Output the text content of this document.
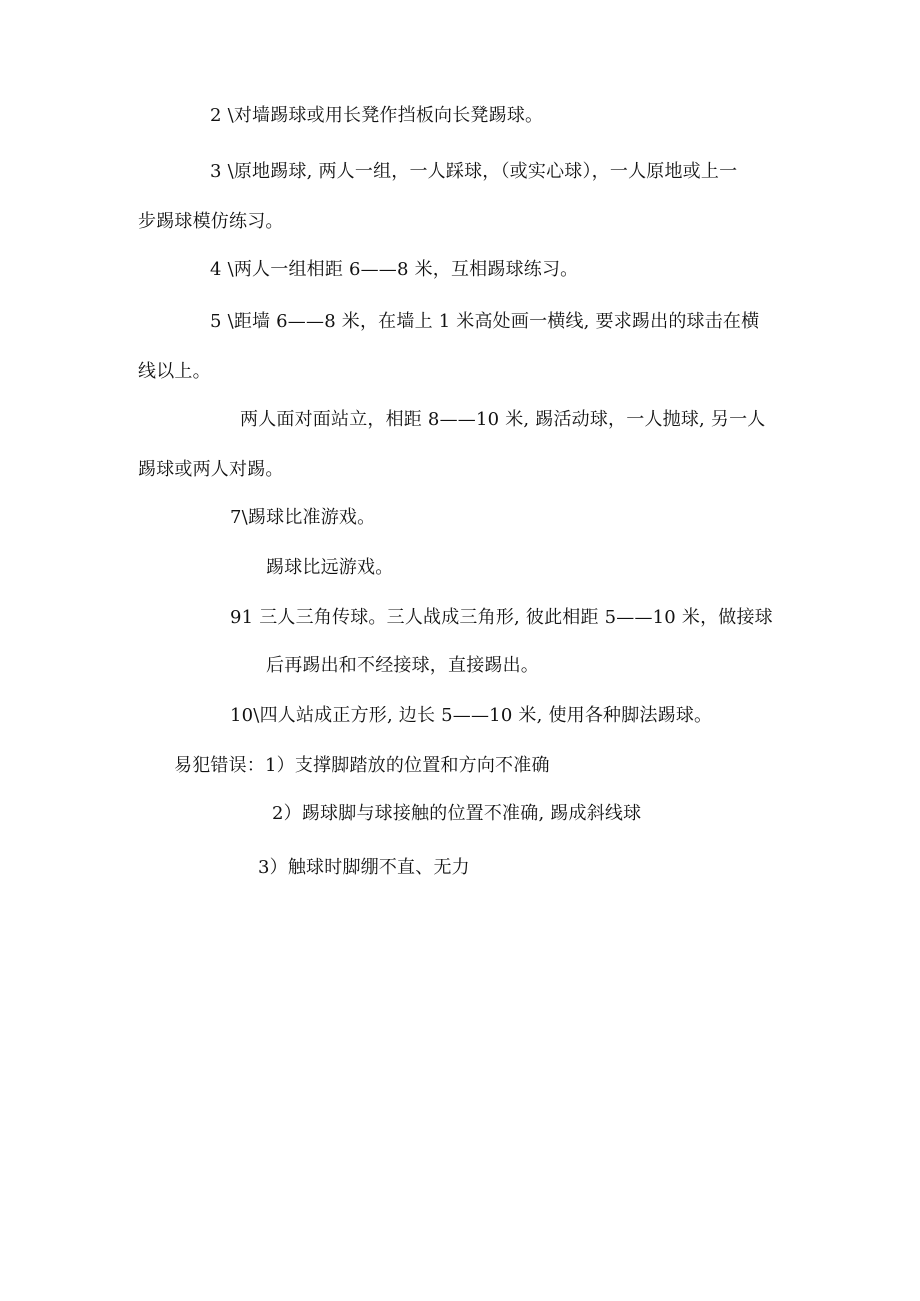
2 \对墙踢球或用长凳作挡板向长凳踢球。
3 \原地踢球, 两人一组，一人踩球，（或实心球），一人原地或上一
步踢球模仿练习。
4 \两人一组相距 6——8 米，互相踢球练习。
5 \距墙 6——8 米，在墙上 1 米高处画一横线, 要求踢出的球击在横
线以上。
两人面对面站立，相距 8——10 米, 踢活动球，一人抛球, 另一人
踢球或两人对踢。
7\踢球比准游戏。
踢球比远游戏。
91 三人三角传球。三人战成三角形, 彼此相距 5——10 米，做接球
后再踢出和不经接球，直接踢出。
10\四人站成正方形, 边长 5——10 米, 使用各种脚法踢球。
易犯错误：1）支撑脚踏放的位置和方向不准确
2）踢球脚与球接触的位置不准确, 踢成斜线球
3）触球时脚绷不直、无力
